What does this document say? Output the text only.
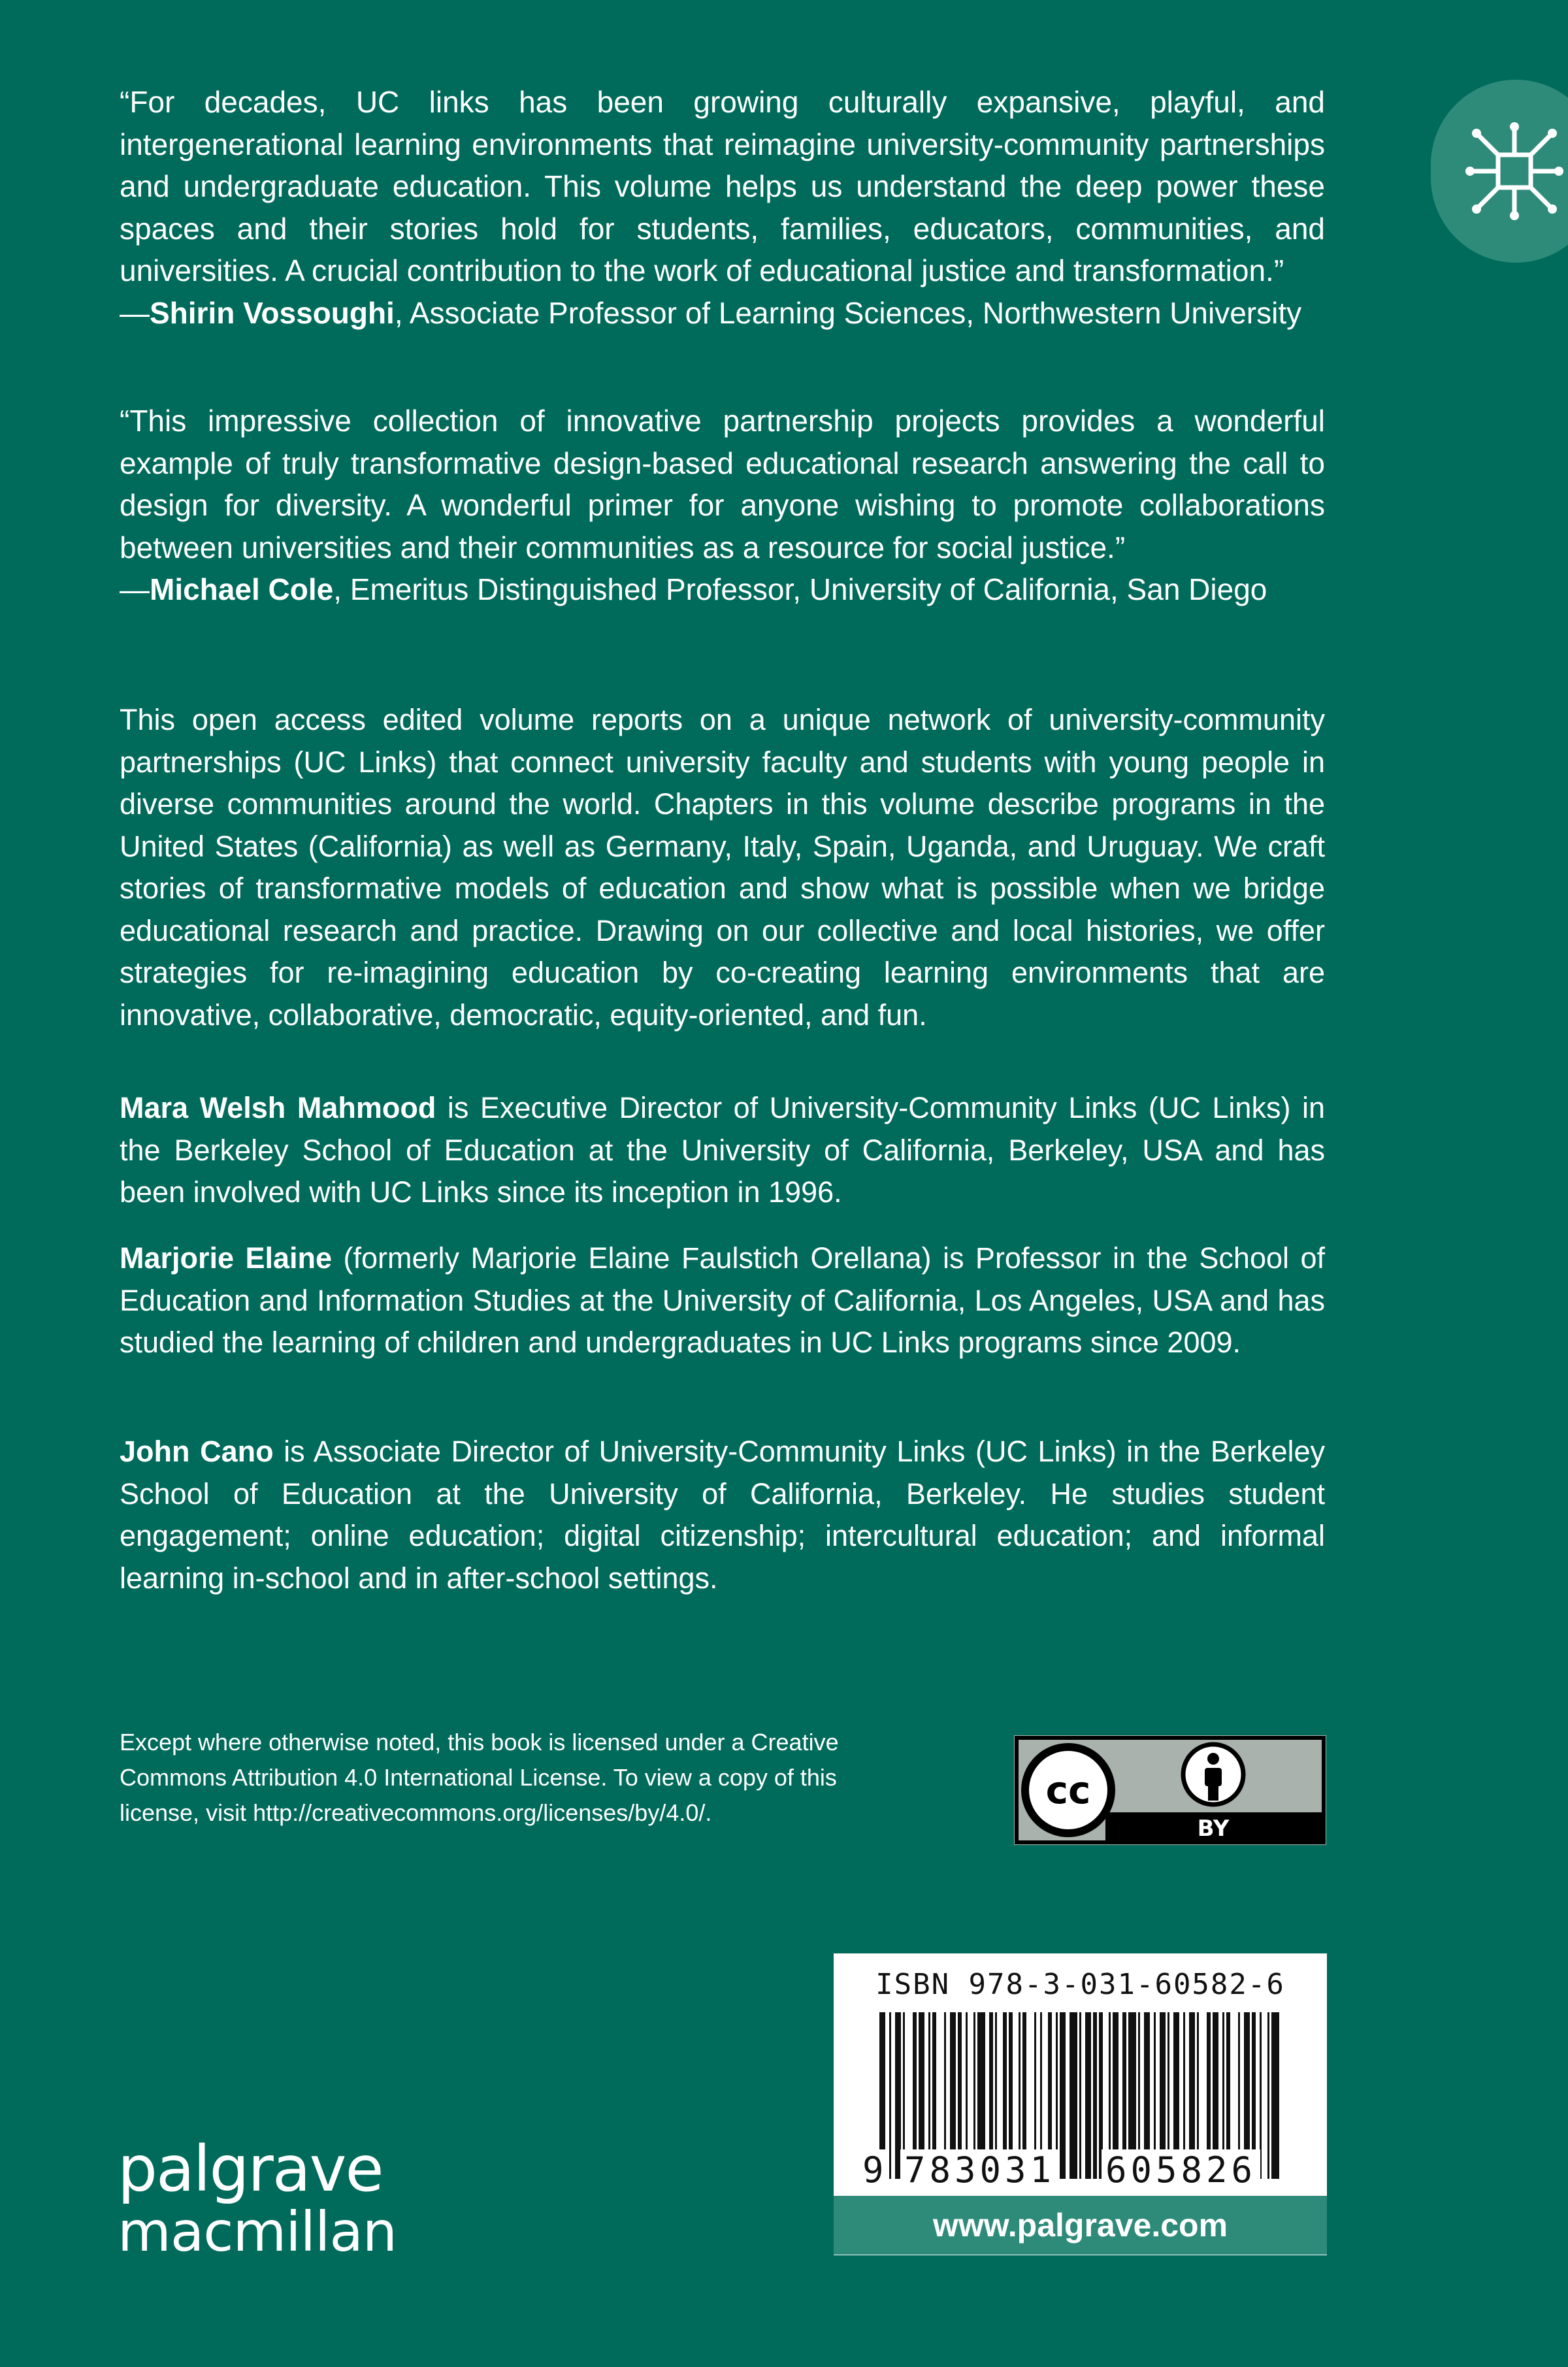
“For decades, UC links has been growing culturally expansive, playful, and intergenerational learning environments that reimagine university-community partnerships and undergraduate education. This volume helps us understand the deep power these spaces and their stories hold for students, families, educators, communities, and universities. A crucial contribution to the work of educational justice and transformation.”
—Shirin Vossoughi, Associate Professor of Learning Sciences, Northwestern University

“This impressive collection of innovative partnership projects provides a wonderful example of truly transformative design-based educational research answering the call to design for diversity. A wonderful primer for anyone wishing to promote collaborations between universities and their communities as a resource for social justice.”
—Michael Cole, Emeritus Distinguished Professor, University of California, San Diego

This open access edited volume reports on a unique network of university-community partnerships (UC Links) that connect university faculty and students with young people in diverse communities around the world. Chapters in this volume describe programs in the United States (California) as well as Germany, Italy, Spain, Uganda, and Uruguay. We craft stories of transformative models of education and show what is possible when we bridge educational research and practice. Drawing on our collective and local histories, we offer strategies for re-imagining education by co-creating learning environments that are innovative, collaborative, democratic, equity-oriented, and fun.

Mara Welsh Mahmood is Executive Director of University-Community Links (UC Links) in the Berkeley School of Education at the University of California, Berkeley, USA and has been involved with UC Links since its inception in 1996.

Marjorie Elaine (formerly Marjorie Elaine Faulstich Orellana) is Professor in the School of Education and Information Studies at the University of California, Los Angeles, USA and has studied the learning of children and undergraduates in UC Links programs since 2009.

John Cano is Associate Director of University-Community Links (UC Links) in the Berkeley School of Education at the University of California, Berkeley. He studies student engagement; online education; digital citizenship; intercultural education; and informal learning in-school and in after-school settings.

Except where otherwise noted, this book is licensed under a Creative Commons Attribution 4.0 International License. To view a copy of this license, visit http://creativecommons.org/licenses/by/4.0/.

cc
BY
ISBN 978-3-031-60582-6
9 783031 605826
www.palgrave.com
palgrave
macmillan
